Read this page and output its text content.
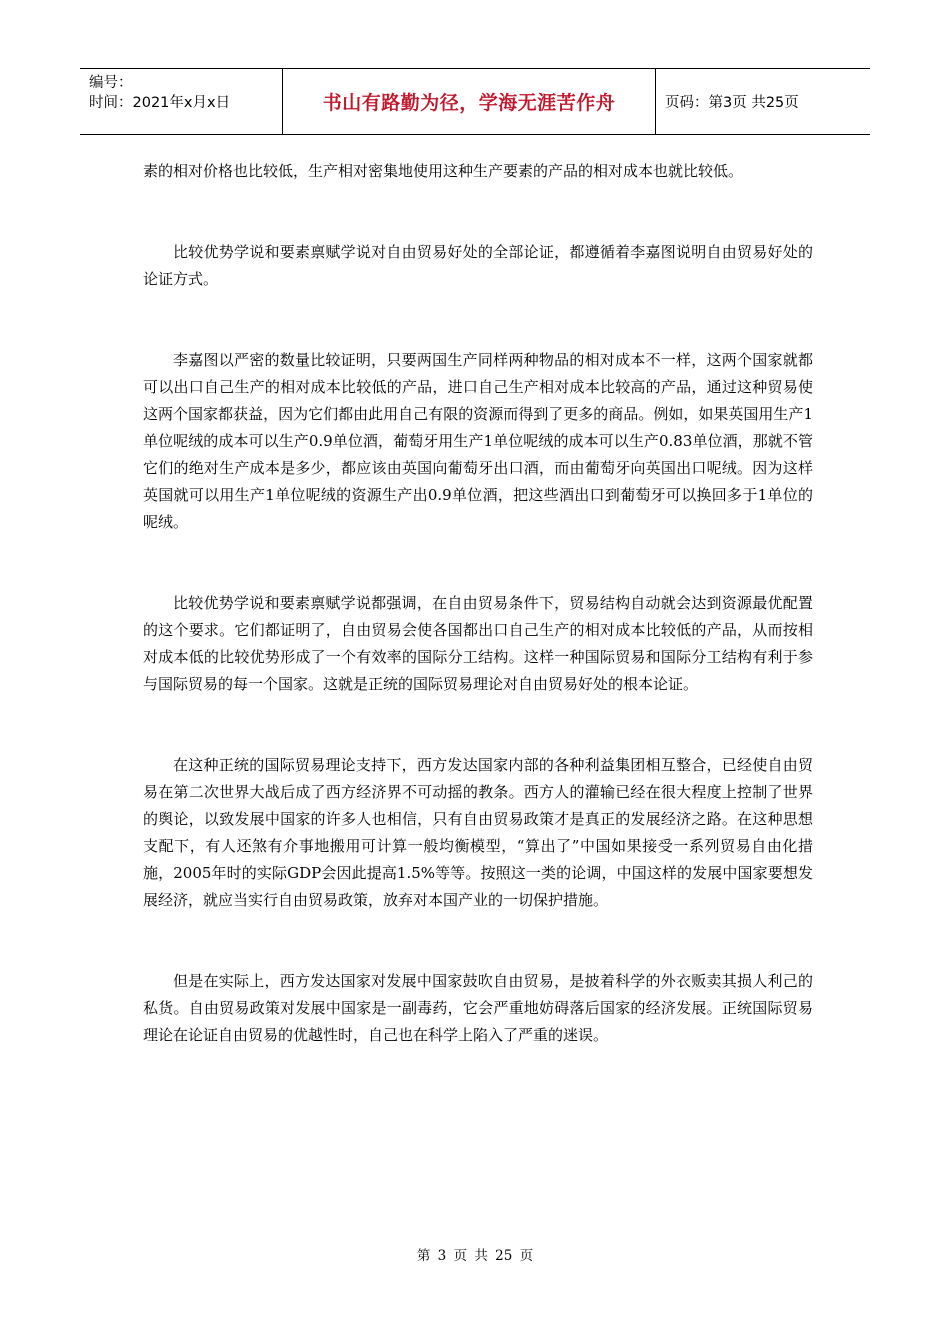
编号：
时间：2021年x月x日	书山有路勤为径，学海无涯苦作舟	页码：第3页 共25页

素的相对价格也比较低，生产相对密集地使用这种生产要素的产品的相对成本也就比较低。

比较优势学说和要素禀赋学说对自由贸易好处的全部论证，都遵循着李嘉图说明自由贸易好处的论证方式。

李嘉图以严密的数量比较证明，只要两国生产同样两种物品的相对成本不一样，这两个国家就都可以出口自己生产的相对成本比较低的产品，进口自己生产相对成本比较高的产品，通过这种贸易使这两个国家都获益，因为它们都由此用自己有限的资源而得到了更多的商品。例如，如果英国用生产1单位呢绒的成本可以生产0.9单位酒，葡萄牙用生产1单位呢绒的成本可以生产0.83单位酒，那就不管它们的绝对生产成本是多少，都应该由英国向葡萄牙出口酒，而由葡萄牙向英国出口呢绒。因为这样英国就可以用生产1单位呢绒的资源生产出0.9单位酒，把这些酒出口到葡萄牙可以换回多于1单位的呢绒。

比较优势学说和要素禀赋学说都强调，在自由贸易条件下，贸易结构自动就会达到资源最优配置的这个要求。它们都证明了，自由贸易会使各国都出口自己生产的相对成本比较低的产品，从而按相对成本低的比较优势形成了一个有效率的国际分工结构。这样一种国际贸易和国际分工结构有利于参与国际贸易的每一个国家。这就是正统的国际贸易理论对自由贸易好处的根本论证。

在这种正统的国际贸易理论支持下，西方发达国家内部的各种利益集团相互整合，已经使自由贸易在第二次世界大战后成了西方经济界不可动摇的教条。西方人的灌输已经在很大程度上控制了世界的舆论，以致发展中国家的许多人也相信，只有自由贸易政策才是真正的发展经济之路。在这种思想支配下，有人还煞有介事地搬用可计算一般均衡模型，“算出了”中国如果接受一系列贸易自由化措施，2005年时的实际GDP会因此提高1.5%等等。按照这一类的论调，中国这样的发展中国家要想发展经济，就应当实行自由贸易政策，放弃对本国产业的一切保护措施。

但是在实际上，西方发达国家对发展中国家鼓吹自由贸易，是披着科学的外衣贩卖其损人利己的私货。自由贸易政策对发展中国家是一副毒药，它会严重地妨碍落后国家的经济发展。正统国际贸易理论在论证自由贸易的优越性时，自己也在科学上陷入了严重的迷误。

第 3 页 共 25 页
